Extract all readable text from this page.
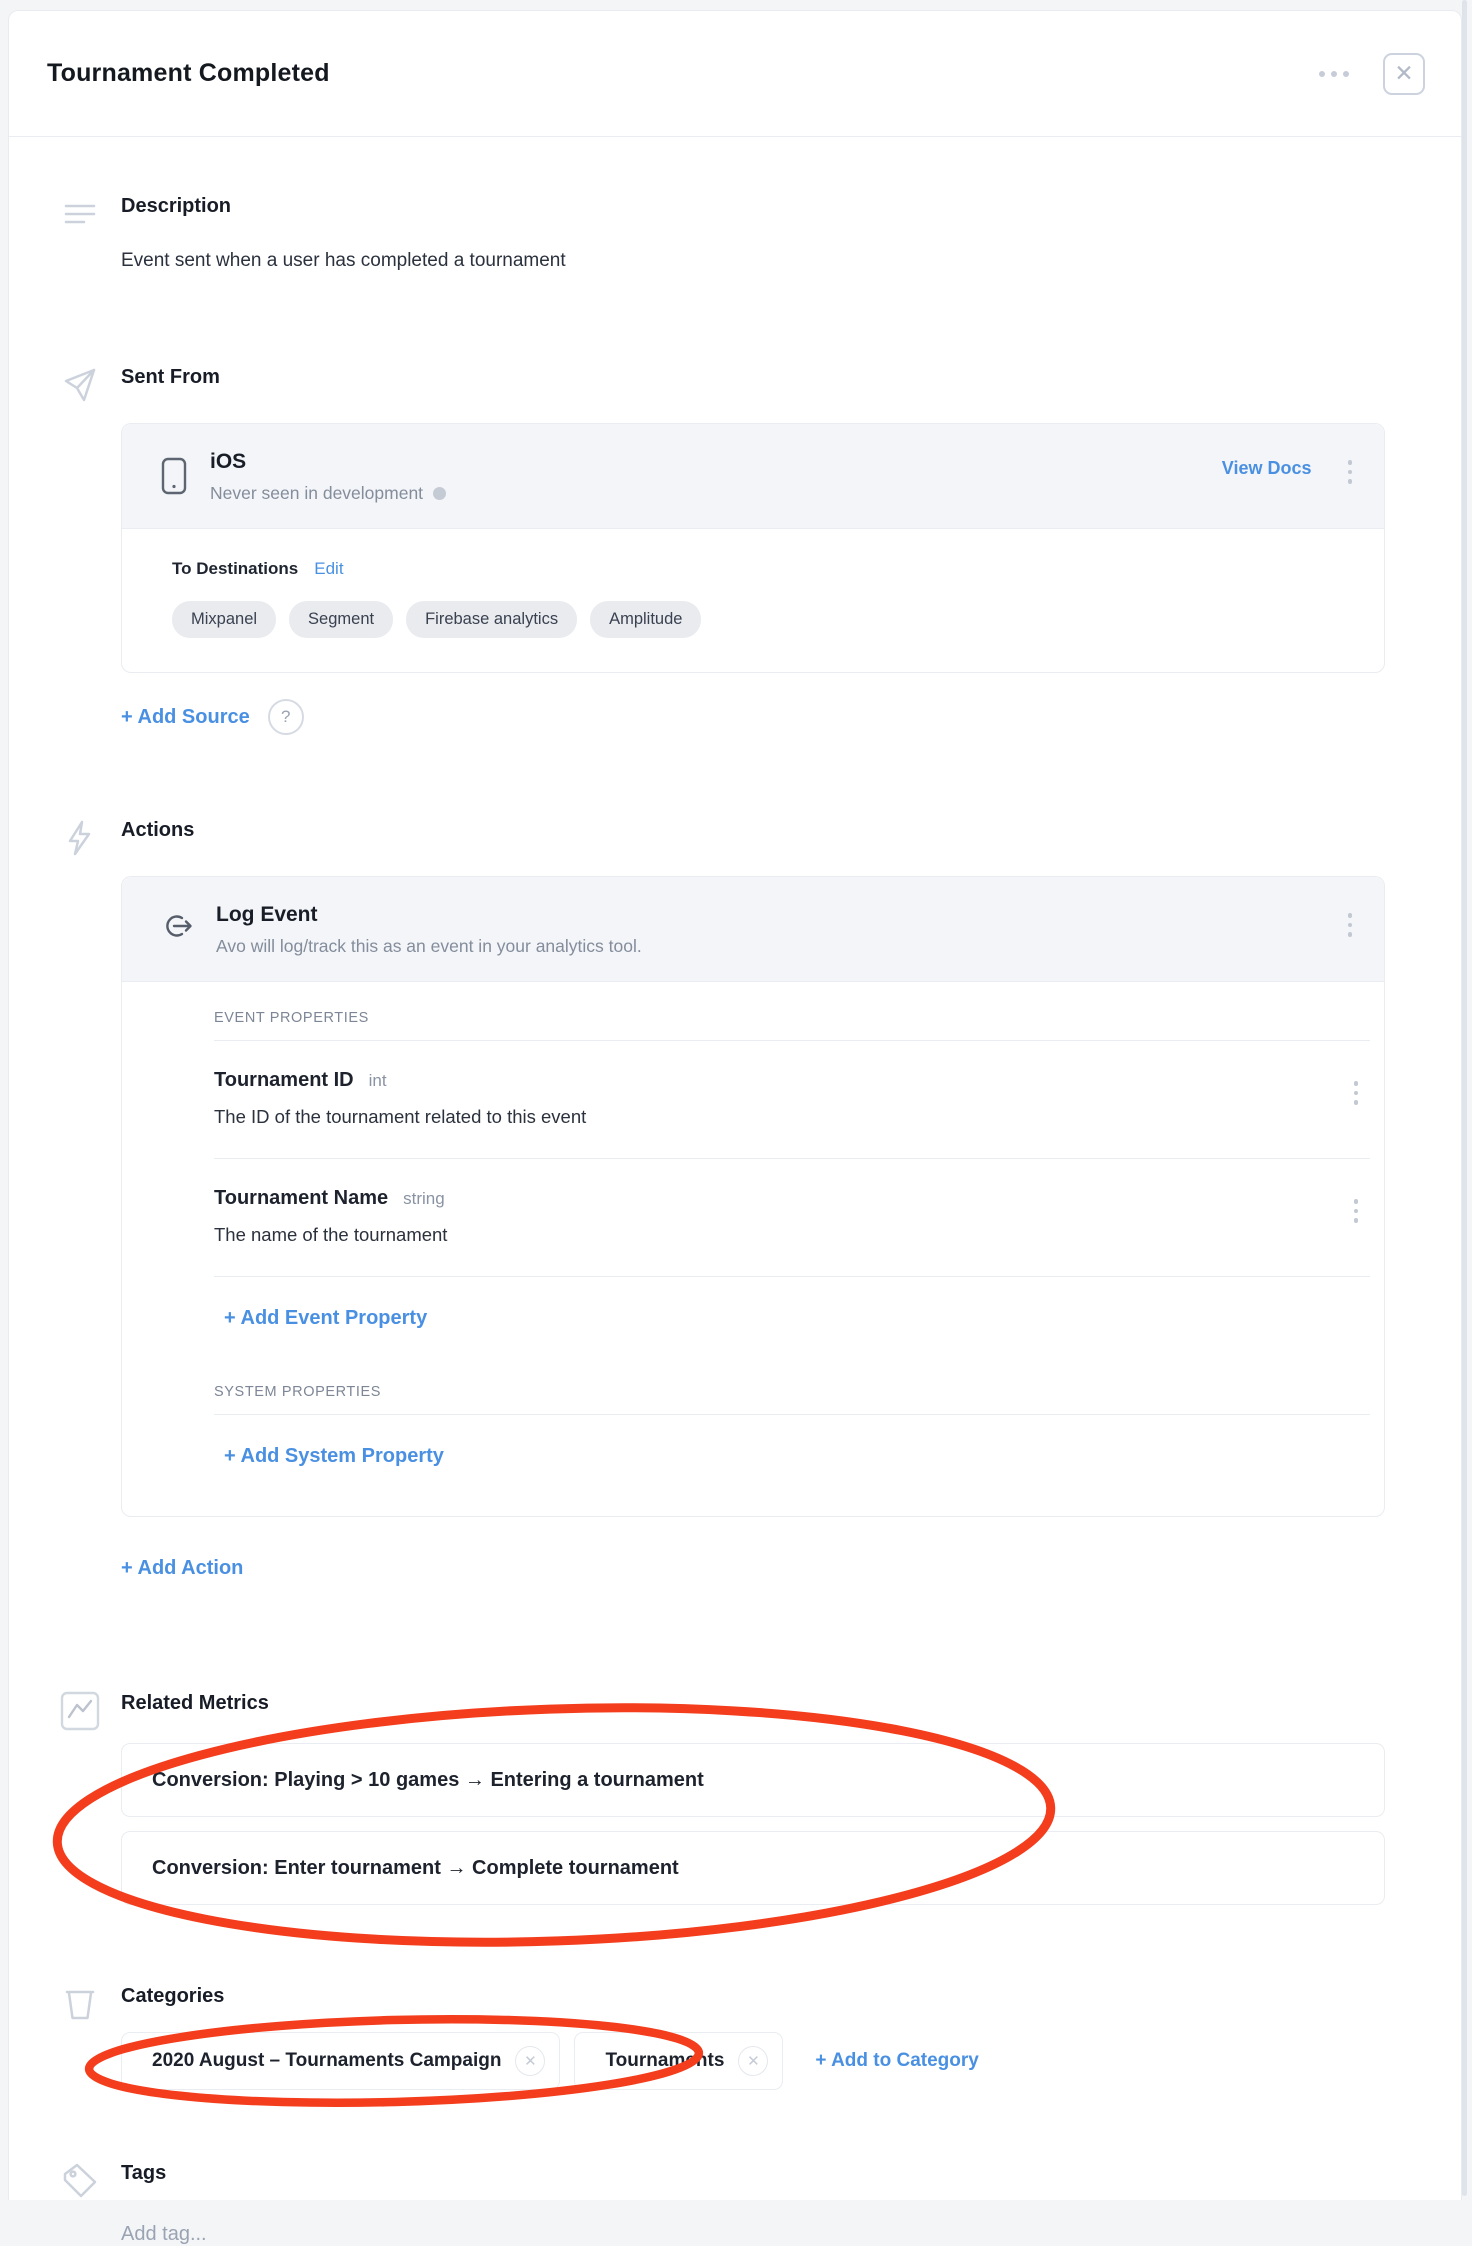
Tournament Completed	✕
Description
Event sent when a user has completed a tournament
Sent From
iOS
Never seen in development
View Docs
To Destinations Edit
Mixpanel	Segment	Firebase analytics	Amplitude
+ Add Source	?
Actions
Log Event
Avo will log/track this as an event in your analytics tool.
EVENT PROPERTIES
Tournament ID int
The ID of the tournament related to this event
Tournament Name string
The name of the tournament
+ Add Event Property
SYSTEM PROPERTIES
+ Add System Property
+ Add Action
Related Metrics
Conversion: Playing > 10 games → Entering a tournament
Conversion: Enter tournament → Complete tournament
Categories
2020 August – Tournaments Campaign	✕	Tournaments	✕	+ Add to Category
Tags
Add tag...
